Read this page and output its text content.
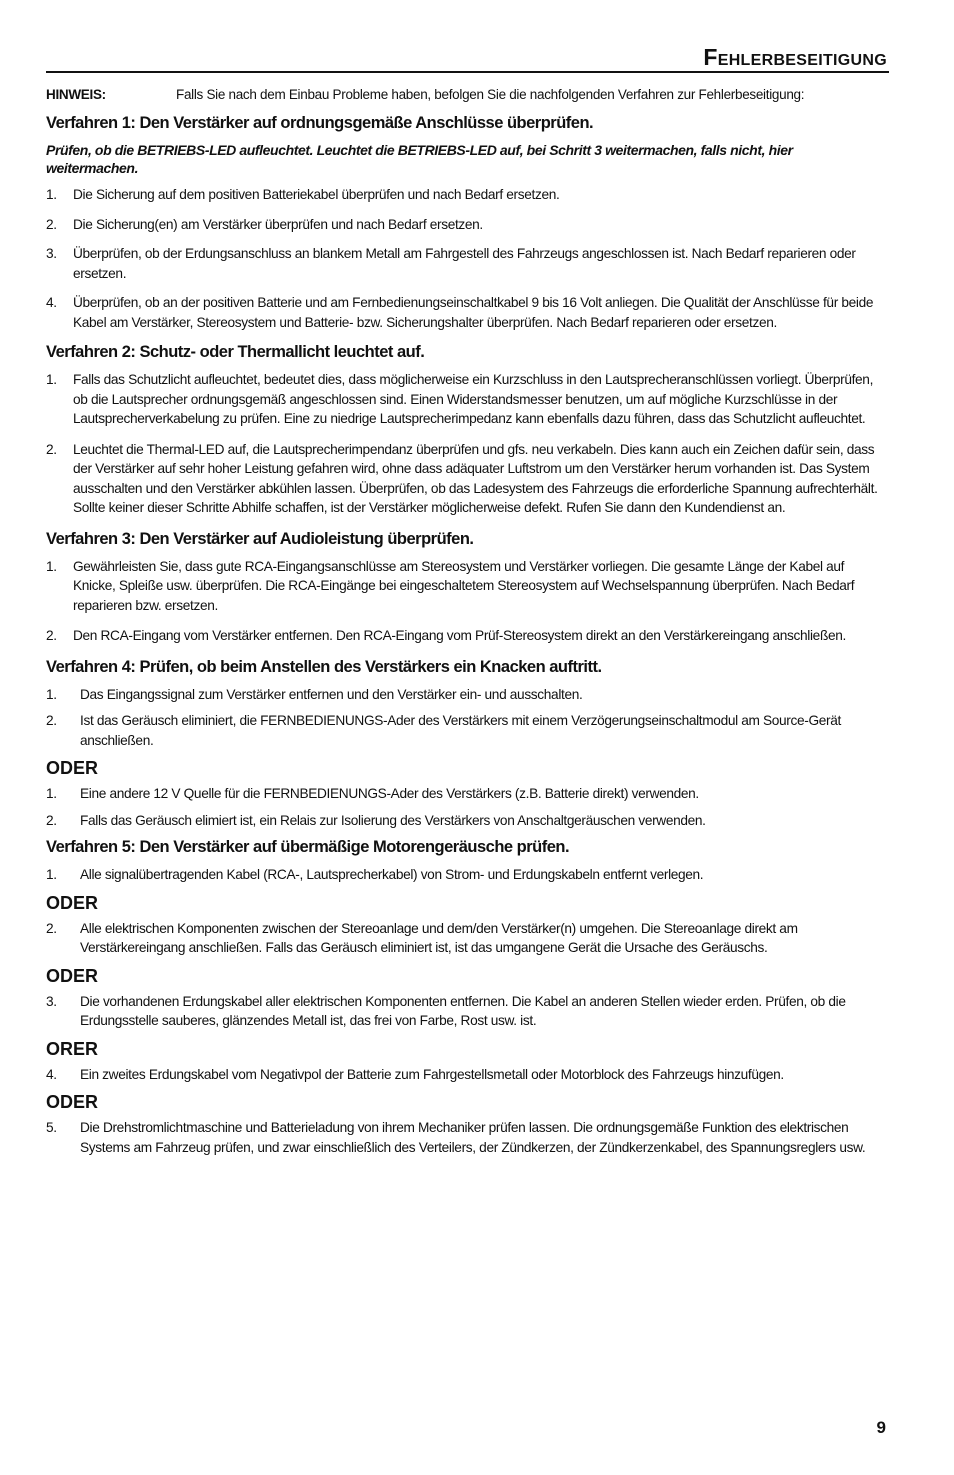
Fehlerbeseitigung
HINWEIS:	Falls Sie nach dem Einbau Probleme haben, befolgen Sie die nachfolgenden Verfahren zur Fehlerbeseitigung:
Verfahren 1: Den Verstärker auf ordnungsgemäße Anschlüsse überprüfen.

Prüfen, ob die BETRIEBS-LED aufleuchtet. Leuchtet die BETRIEBS-LED auf, bei Schritt 3 weitermachen, falls nicht, hier weitermachen.

1. Die Sicherung auf dem positiven Batteriekabel überprüfen und nach Bedarf ersetzen.
2. Die Sicherung(en) am Verstärker überprüfen und nach Bedarf ersetzen.
3. Überprüfen, ob der Erdungsanschluss an blankem Metall am Fahrgestell des Fahrzeugs angeschlossen ist. Nach Bedarf reparieren oder ersetzen.
4. Überprüfen, ob an der positiven Batterie und am Fernbedienungseinschaltkabel 9 bis 16 Volt anliegen. Die Qualität der Anschlüsse für beide Kabel am Verstärker, Stereosystem und Batterie- bzw. Sicherungshalter überprüfen. Nach Bedarf reparieren oder ersetzen.
Verfahren 2: Schutz- oder Thermallicht leuchtet auf.
1. Falls das Schutzlicht aufleuchtet, bedeutet dies, dass möglicherweise ein Kurzschluss in den Lautsprecheranschlüssen vorliegt. Überprüfen, ob die Lautsprecher ordnungsgemäß angeschlossen sind. Einen Widerstandsmesser benutzen, um auf mögliche Kurzschlüsse in der Lautsprecherverkabelung zu prüfen. Eine zu niedrige Lautsprecherimpedanz kann ebenfalls dazu führen, dass das Schutzlicht aufleuchtet.
2. Leuchtet die Thermal-LED auf, die Lautsprecherimpendanz überprüfen und gfs. neu verkabeln. Dies kann auch ein Zeichen dafür sein, dass der Verstärker auf sehr hoher Leistung gefahren wird, ohne dass adäquater Luftstrom um den Verstärker herum vorhanden ist. Das System ausschalten und den Verstärker abkühlen lassen. Überprüfen, ob das Ladesystem des Fahrzeugs die erforderliche Spannung aufrechterhält. Sollte keiner dieser Schritte Abhilfe schaffen, ist der Verstärker möglicherweise defekt. Rufen Sie dann den Kundendienst an.
Verfahren 3: Den Verstärker auf Audioleistung überprüfen.
1. Gewährleisten Sie, dass gute RCA-Eingangsanschlüsse am Stereosystem und Verstärker vorliegen. Die gesamte Länge der Kabel auf Knicke, Spleiße usw. überprüfen. Die RCA-Eingänge bei eingeschaltetem Stereosystem auf Wechselspannung überprüfen. Nach Bedarf reparieren bzw. ersetzen.
2. Den RCA-Eingang vom Verstärker entfernen. Den RCA-Eingang vom Prüf-Stereosystem direkt an den Verstärkereingang anschließen.
Verfahren 4: Prüfen, ob beim Anstellen des Verstärkers ein Knacken auftritt.
1. Das Eingangssignal zum Verstärker entfernen und den Verstärker ein- und ausschalten.
2. Ist das Geräusch eliminiert, die FERNBEDIENUNGS-Ader des Verstärkers mit einem Verzögerungseinschaltmodul am Source-Gerät anschließen.
ODER
1. Eine andere 12 V Quelle für die FERNBEDIENUNGS-Ader des Verstärkers (z.B. Batterie direkt) verwenden.
2. Falls das Geräusch elimiert ist, ein Relais zur Isolierung des Verstärkers von Anschaltgeräuschen verwenden.
Verfahren 5: Den Verstärker auf übermäßige Motorengeräusche prüfen.
1. Alle signalübertragenden Kabel (RCA-, Lautsprecherkabel) von Strom- und Erdungskabeln entfernt verlegen.
ODER
2. Alle elektrischen Komponenten zwischen der Stereoanlage und dem/den Verstärker(n) umgehen. Die Stereoanlage direkt am Verstärkereingang anschließen. Falls das Geräusch eliminiert ist, ist das umgangene Gerät die Ursache des Geräuschs.
ODER
3. Die vorhandenen Erdungskabel aller elektrischen Komponenten entfernen. Die Kabel an anderen Stellen wieder erden. Prüfen, ob die Erdungsstelle sauberes, glänzendes Metall ist, das frei von Farbe, Rost usw. ist.
ORER
4. Ein zweites Erdungskabel vom Negativpol der Batterie zum Fahrgestellsmetall oder Motorblock des Fahrzeugs hinzufügen.
ODER
5. Die Drehstromlichtmaschine und Batterieladung von ihrem Mechaniker prüfen lassen. Die ordnungsgemäße Funktion des elektrischen Systems am Fahrzeug prüfen, und zwar einschließlich des Verteilers, der Zündkerzen, der Zündkerzenkabel, des Spannungsreglers usw.
9
